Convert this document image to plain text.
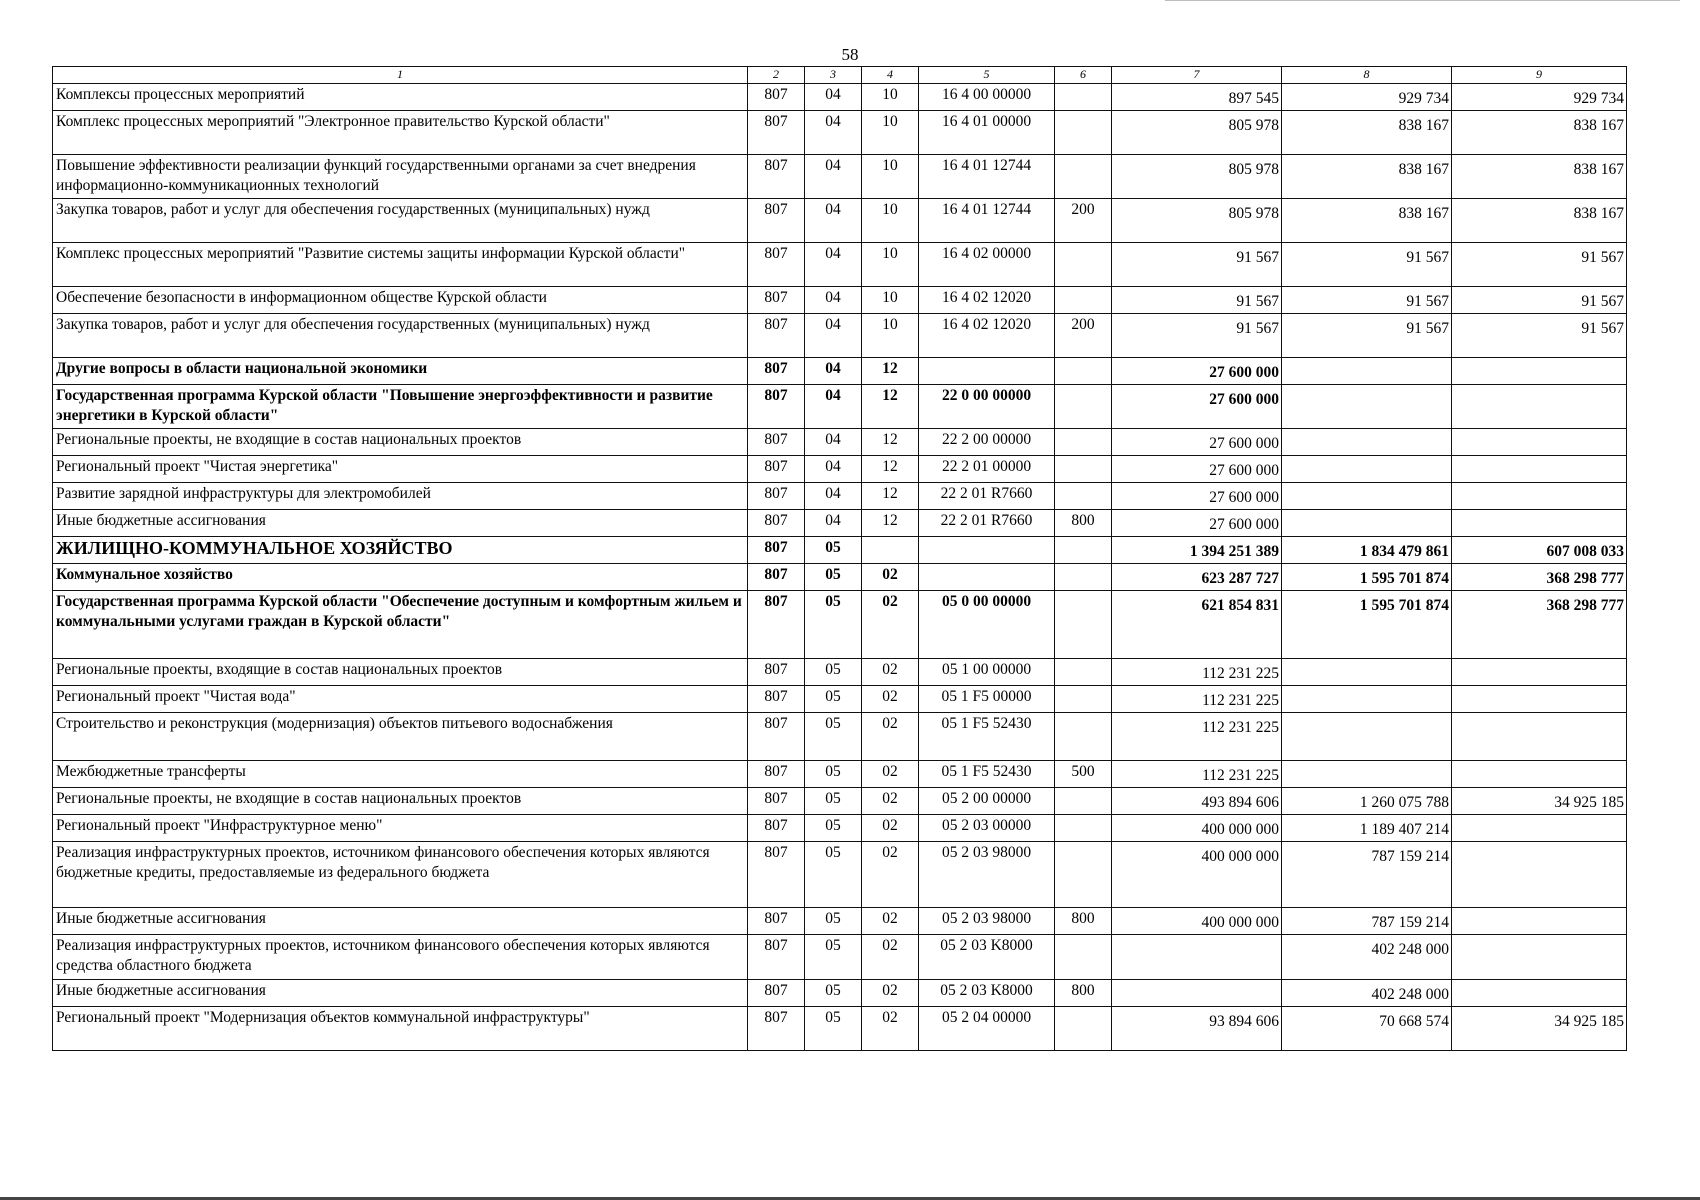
58
1	2	3	4	5	6	7	8	9
Комплексы процессных мероприятий	807	04	10	16 4 00 00000		897 545	929 734	929 734
Комплекс процессных мероприятий "Электронное правительство Курской области"	807	04	10	16 4 01 00000		805 978	838 167	838 167
Повышение эффективности реализации функций государственными органами за счет внедрения информационно-коммуникационных технологий	807	04	10	16 4 01 12744		805 978	838 167	838 167
Закупка товаров, работ и услуг для обеспечения государственных (муниципальных) нужд	807	04	10	16 4 01 12744	200	805 978	838 167	838 167
Комплекс процессных мероприятий "Развитие системы защиты информации Курской области"	807	04	10	16 4 02 00000		91 567	91 567	91 567
Обеспечение безопасности в информационном обществе Курской области	807	04	10	16 4 02 12020		91 567	91 567	91 567
Закупка товаров, работ и услуг для обеспечения государственных (муниципальных) нужд	807	04	10	16 4 02 12020	200	91 567	91 567	91 567
Другие вопросы в области национальной экономики	807	04	12			27 600 000		
Государственная программа Курской области "Повышение энергоэффективности и развитие энергетики в Курской области"	807	04	12	22 0 00 00000		27 600 000		
Региональные проекты, не входящие в состав национальных проектов	807	04	12	22 2 00 00000		27 600 000		
Региональный проект "Чистая энергетика"	807	04	12	22 2 01 00000		27 600 000		
Развитие зарядной инфраструктуры для электромобилей	807	04	12	22 2 01 R7660		27 600 000		
Иные бюджетные ассигнования	807	04	12	22 2 01 R7660	800	27 600 000		
ЖИЛИЩНО-КОММУНАЛЬНОЕ ХОЗЯЙСТВО	807	05				1 394 251 389	1 834 479 861	607 008 033
Коммунальное хозяйство	807	05	02			623 287 727	1 595 701 874	368 298 777
Государственная программа Курской области "Обеспечение доступным и комфортным жильем и коммунальными услугами граждан в Курской области"	807	05	02	05 0 00 00000		621 854 831	1 595 701 874	368 298 777
Региональные проекты, входящие в состав национальных проектов	807	05	02	05 1 00 00000		112 231 225		
Региональный проект "Чистая вода"	807	05	02	05 1 F5 00000		112 231 225		
Строительство и реконструкция (модернизация) объектов питьевого водоснабжения	807	05	02	05 1 F5 52430		112 231 225		
Межбюджетные трансферты	807	05	02	05 1 F5 52430	500	112 231 225		
Региональные проекты, не входящие в состав национальных проектов	807	05	02	05 2 00 00000		493 894 606	1 260 075 788	34 925 185
Региональный проект "Инфраструктурное меню"	807	05	02	05 2 03 00000		400 000 000	1 189 407 214	
Реализация инфраструктурных проектов, источником финансового обеспечения которых являются бюджетные кредиты, предоставляемые из федерального бюджета	807	05	02	05 2 03 98000		400 000 000	787 159 214	
Иные бюджетные ассигнования	807	05	02	05 2 03 98000	800	400 000 000	787 159 214	
Реализация инфраструктурных проектов, источником финансового обеспечения которых являются средства областного бюджета	807	05	02	05 2 03 K8000			402 248 000	
Иные бюджетные ассигнования	807	05	02	05 2 03 K8000	800		402 248 000	
Региональный проект "Модернизация объектов коммунальной инфраструктуры"	807	05	02	05 2 04 00000		93 894 606	70 668 574	34 925 185
